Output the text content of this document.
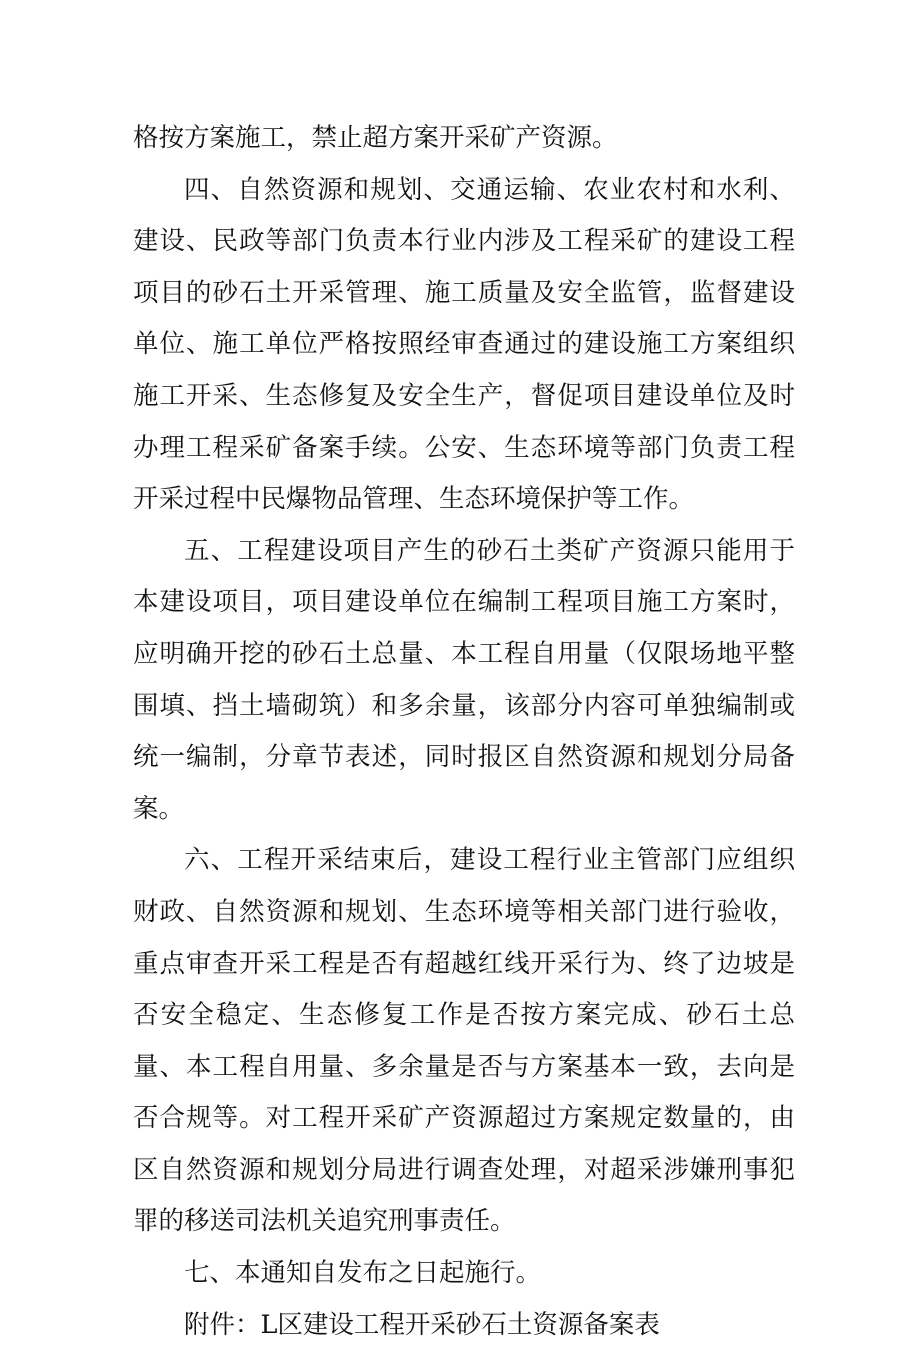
格按方案施工，禁止超方案开采矿产资源。

四、自然资源和规划、交通运输、农业农村和水利、建设、民政等部门负责本行业内涉及工程采矿的建设工程项目的砂石土开采管理、施工质量及安全监管，监督建设单位、施工单位严格按照经审查通过的建设施工方案组织施工开采、生态修复及安全生产，督促项目建设单位及时办理工程采矿备案手续。公安、生态环境等部门负责工程开采过程中民爆物品管理、生态环境保护等工作。

五、工程建设项目产生的砂石土类矿产资源只能用于本建设项目，项目建设单位在编制工程项目施工方案时，应明确开挖的砂石土总量、本工程自用量（仅限场地平整围填、挡土墙砌筑）和多余量，该部分内容可单独编制或统一编制，分章节表述，同时报区自然资源和规划分局备案。

六、工程开采结束后，建设工程行业主管部门应组织财政、自然资源和规划、生态环境等相关部门进行验收，重点审查开采工程是否有超越红线开采行为、终了边坡是否安全稳定、生态修复工作是否按方案完成、砂石土总量、本工程自用量、多余量是否与方案基本一致，去向是否合规等。对工程开采矿产资源超过方案规定数量的，由区自然资源和规划分局进行调查处理，对超采涉嫌刑事犯罪的移送司法机关追究刑事责任。

七、本通知自发布之日起施行。

附件：L区建设工程开采砂石土资源备案表
